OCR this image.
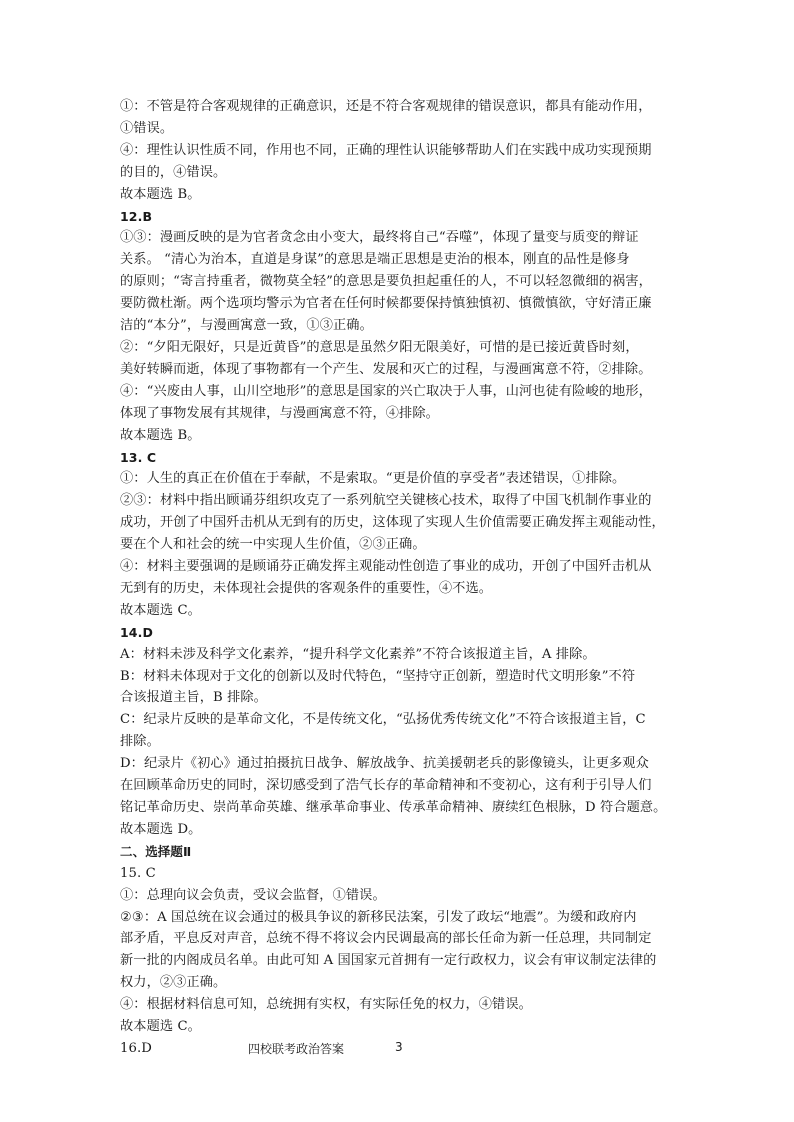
①：不管是符合客观规律的正确意识，还是不符合客观规律的错误意识，都具有能动作用，
①错误。
④：理性认识性质不同，作用也不同，正确的理性认识能够帮助人们在实践中成功实现预期
的目的，④错误。
故本题选 B。
12.B
①③：漫画反映的是为官者贪念由小变大，最终将自己“吞噬”，体现了量变与质变的辩证
关系。 “清心为治本，直道是身谋”的意思是端正思想是吏治的根本，刚直的品性是修身
的原则；“寄言持重者，微物莫全轻”的意思是要负担起重任的人，不可以轻忽微细的祸害，
要防微杜渐。两个选项均警示为官者在任何时候都要保持慎独慎初、慎微慎欲，守好清正廉
洁的“本分”，与漫画寓意一致，①③正确。
②：“夕阳无限好，只是近黄昏”的意思是虽然夕阳无限美好，可惜的是已接近黄昏时刻，
美好转瞬而逝，体现了事物都有一个产生、发展和灭亡的过程，与漫画寓意不符，②排除。
④：“兴废由人事，山川空地形”的意思是国家的兴亡取决于人事，山河也徒有险峻的地形，
体现了事物发展有其规律，与漫画寓意不符，④排除。
故本题选 B。
13. C
①：人生的真正在价值在于奉献，不是索取。“更是价值的享受者”表述错误，①排除。
②③：材料中指出顾诵芬组织攻克了一系列航空关键核心技术，取得了中国飞机制作事业的
成功，开创了中国歼击机从无到有的历史，这体现了实现人生价值需要正确发挥主观能动性，
要在个人和社会的统一中实现人生价值，②③正确。
④：材料主要强调的是顾诵芬正确发挥主观能动性创造了事业的成功，开创了中国歼击机从
无到有的历史，未体现社会提供的客观条件的重要性，④不选。
故本题选 C。
14.D
A：材料未涉及科学文化素养，“提升科学文化素养”不符合该报道主旨，A 排除。
B：材料未体现对于文化的创新以及时代特色，“坚持守正创新，塑造时代文明形象”不符
合该报道主旨，B 排除。
C：纪录片反映的是革命文化，不是传统文化，“弘扬优秀传统文化”不符合该报道主旨，C
排除。
D：纪录片《初心》通过拍摄抗日战争、解放战争、抗美援朝老兵的影像镜头，让更多观众
在回顾革命历史的同时，深切感受到了浩气长存的革命精神和不变初心，这有利于引导人们
铭记革命历史、崇尚革命英雄、继承革命事业、传承革命精神、赓续红色根脉，D 符合题意。
故本题选 D。
二、选择题Ⅱ
15. C
①：总理向议会负责，受议会监督，①错误。
②③：A 国总统在议会通过的极具争议的新移民法案，引发了政坛“地震”。为缓和政府内
部矛盾，平息反对声音，总统不得不将议会内民调最高的部长任命为新一任总理，共同制定
新一批的内阁成员名单。由此可知 A 国国家元首拥有一定行政权力，议会有审议制定法律的
权力，②③正确。
④：根据材料信息可知，总统拥有实权，有实际任免的权力，④错误。
故本题选 C。
16.D	四校联考政治答案	3
